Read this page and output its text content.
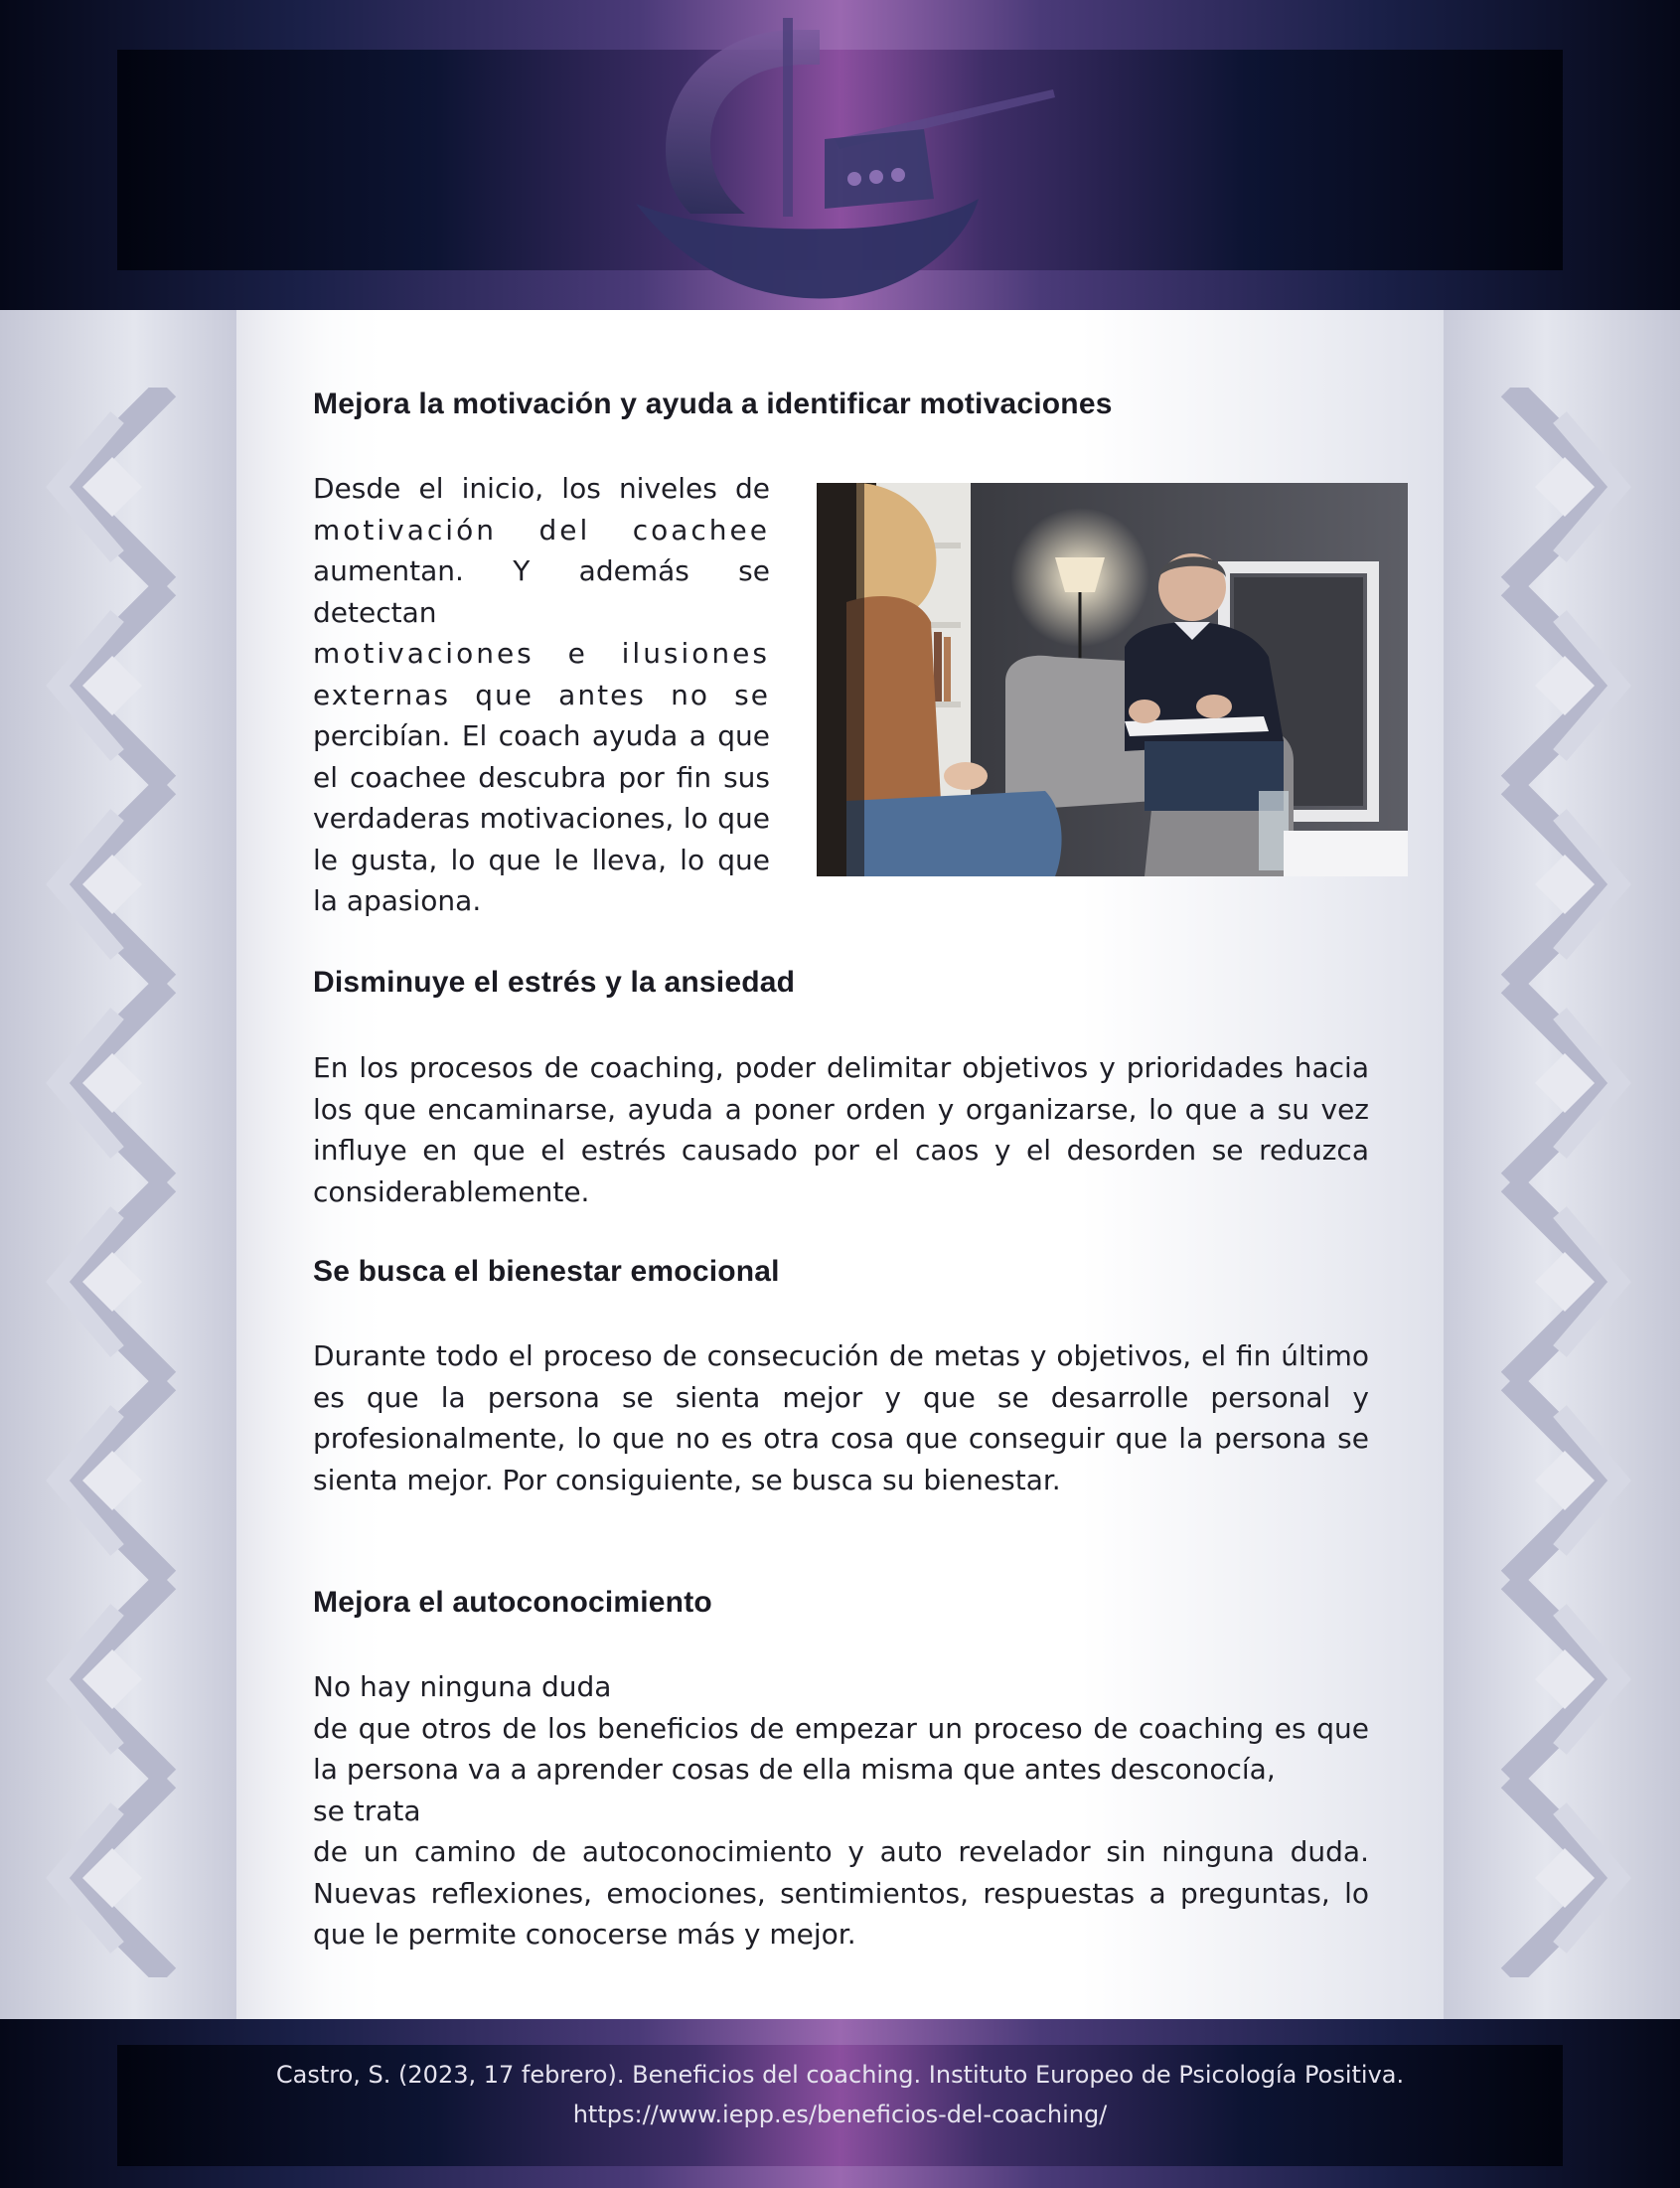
Mejora la motivación y ayuda a identificar motivaciones

Desde el inicio, los niveles de
motivación del coachee
aumentan. Y además se detectan
motivaciones e ilusiones
externas que antes no se
percibían. El coach ayuda a que
el coachee descubra por fin sus
verdaderas motivaciones, lo que
le gusta, lo que le lleva, lo que
la apasiona.

Disminuye el estrés y la ansiedad

En los procesos de coaching, poder delimitar objetivos y prioridades hacia los que encaminarse, ayuda a poner orden y organizarse, lo que a su vez influye en que el estrés causado por el caos y el desorden se reduzca considerablemente.

Se busca el bienestar emocional

Durante todo el proceso de consecución de metas y objetivos, el fin último es que la persona se sienta mejor y que se desarrolle personal y profesionalmente, lo que no es otra cosa que conseguir que la persona se sienta mejor. Por consiguiente, se busca su bienestar.

Mejora el autoconocimiento

No hay ninguna duda
de que otros de los beneficios de empezar un proceso de coaching es que la persona va a aprender cosas de ella misma que antes desconocía,
se trata
de un camino de autoconocimiento y auto revelador sin ninguna duda. Nuevas reflexiones, emociones, sentimientos, respuestas a preguntas, lo que le permite conocerse más y mejor.

Castro, S. (2023, 17 febrero). Beneficios del coaching. Instituto Europeo de Psicología Positiva.
https://www.iepp.es/beneficios-del-coaching/
